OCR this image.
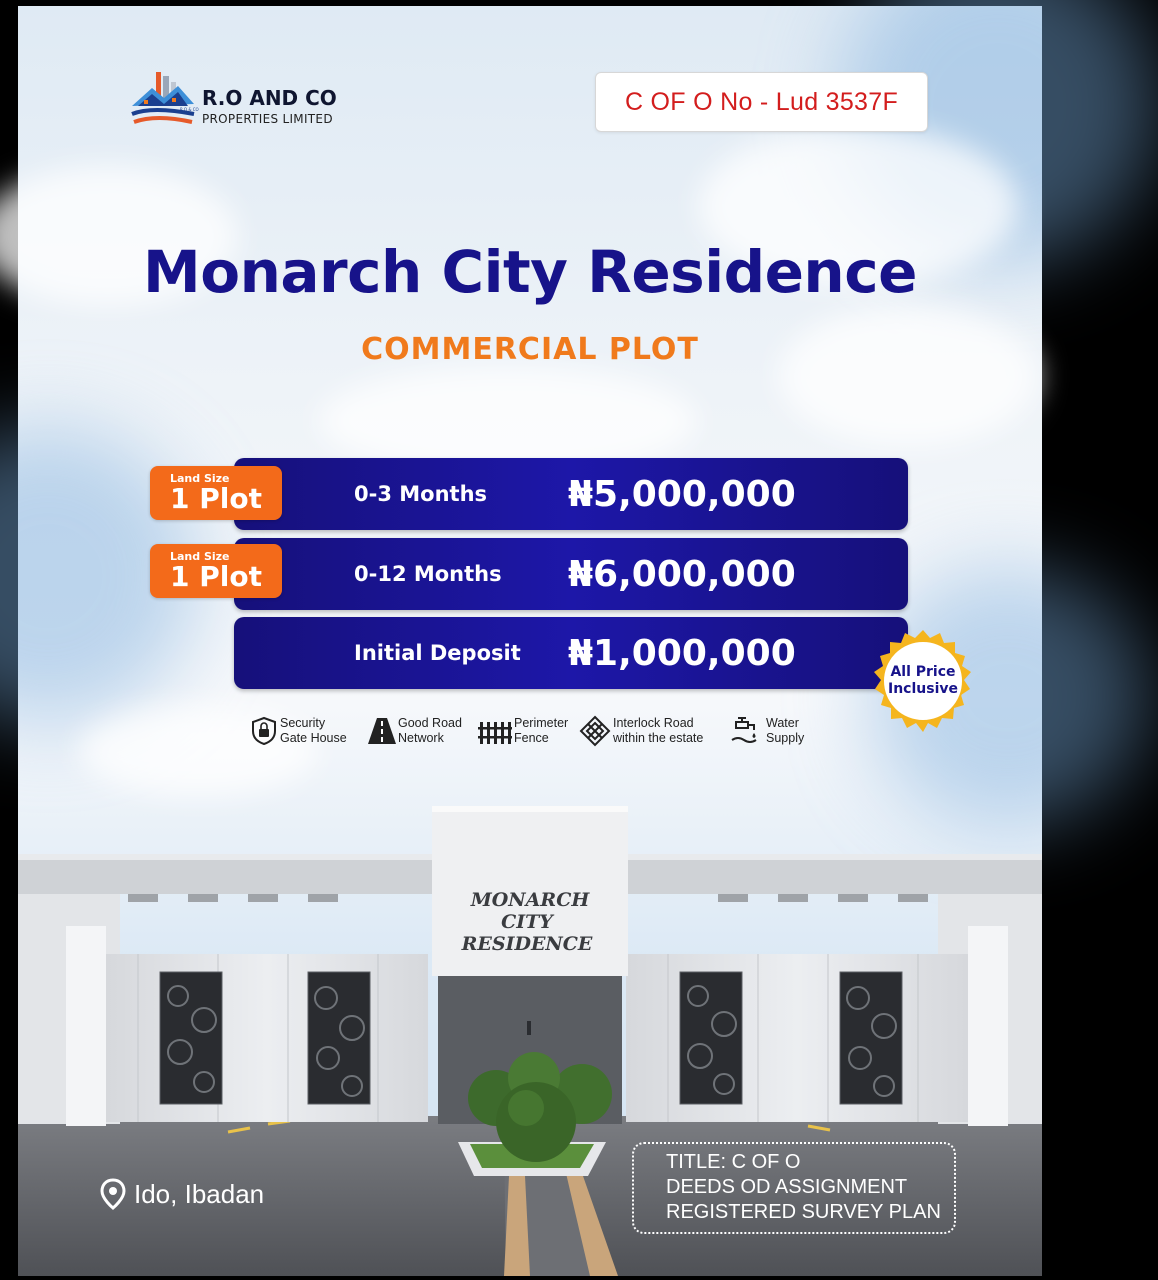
R.O & CO R.O AND CO
PROPERTIES LIMITED
C OF O No - Lud 3537F
Monarch City Residence
COMMERCIAL PLOT
0-3 Months ₦5,000,000
Land Size
1 Plot
0-12 Months ₦6,000,000
Land Size
1 Plot
Initial Deposit ₦1,000,000	All Price
Inclusive
Security
Gate House
Good Road
Network
Perimeter
Fence
Interlock Road
within the estate
Water
Supply
MONARCH
CITY
RESIDENCE
Ido, Ibadan
TITLE: C OF O
DEEDS OD ASSIGNMENT
REGISTERED SURVEY PLAN
